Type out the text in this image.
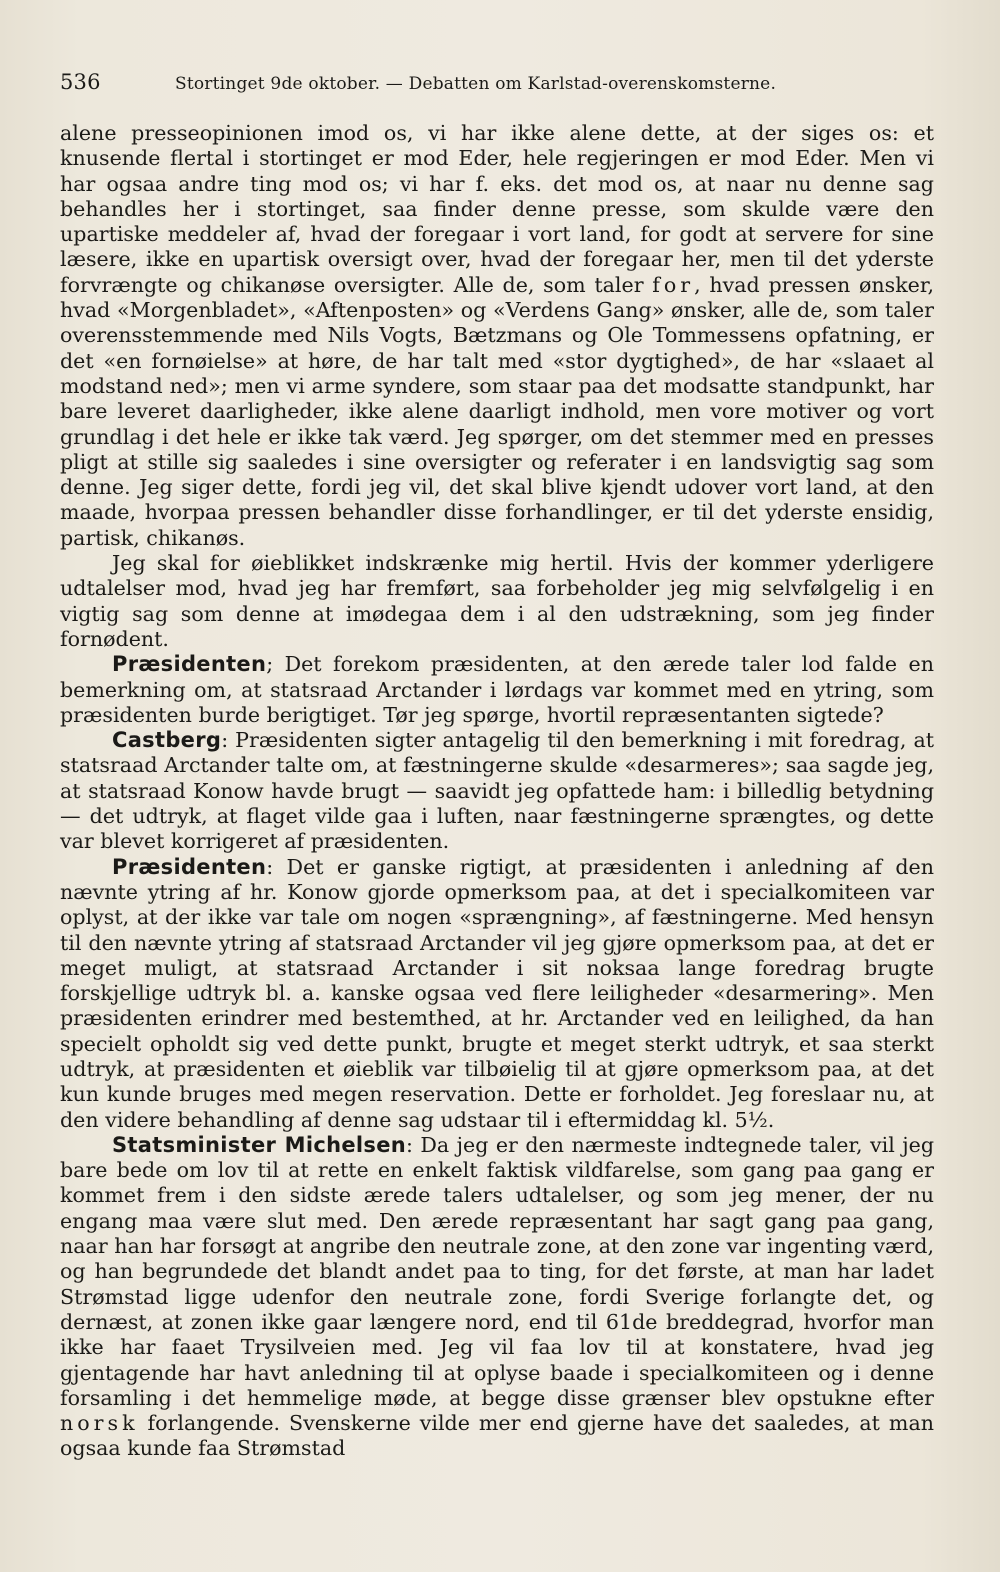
536	Stortinget 9de oktober. — Debatten om Karlstad-overenskomsterne.

alene presseopinionen imod os, vi har ikke alene dette, at der siges os: et knusende flertal i stortinget er mod Eder, hele regjeringen er mod Eder. Men vi har ogsaa andre ting mod os; vi har f. eks. det mod os, at naar nu denne sag behandles her i stortinget, saa finder denne presse, som skulde være den upartiske meddeler af, hvad der foregaar i vort land, for godt at servere for sine læsere, ikke en upartisk oversigt over, hvad der foregaar her, men til det yderste forvrængte og chikanøse oversigter. Alle de, som taler for, hvad pressen ønsker, hvad «Morgenbladet», «Aftenposten» og «Verdens Gang» ønsker, alle de, som taler overensstemmende med Nils Vogts, Bætzmans og Ole Tommessens opfatning, er det «en fornøielse» at høre, de har talt med «stor dygtighed», de har «slaaet al modstand ned»; men vi arme syndere, som staar paa det modsatte standpunkt, har bare leveret daarligheder, ikke alene daarligt indhold, men vore motiver og vort grundlag i det hele er ikke tak værd. Jeg spørger, om det stemmer med en presses pligt at stille sig saaledes i sine oversigter og referater i en landsvigtig sag som denne. Jeg siger dette, fordi jeg vil, det skal blive kjendt udover vort land, at den maade, hvorpaa pressen behandler disse forhandlinger, er til det yderste ensidig, partisk, chikanøs.

Jeg skal for øieblikket indskrænke mig hertil. Hvis der kommer yderligere udtalelser mod, hvad jeg har fremført, saa forbeholder jeg mig selvfølgelig i en vigtig sag som denne at imødegaa dem i al den udstrækning, som jeg finder fornødent.

Præsidenten; Det forekom præsidenten, at den ærede taler lod falde en bemerkning om, at statsraad Arctander i lørdags var kommet med en ytring, som præsidenten burde berigtiget. Tør jeg spørge, hvortil repræsentanten sigtede?

Castberg: Præsidenten sigter antagelig til den bemerkning i mit foredrag, at statsraad Arctander talte om, at fæstningerne skulde «desarmeres»; saa sagde jeg, at statsraad Konow havde brugt — saavidt jeg opfattede ham: i billedlig betydning — det udtryk, at flaget vilde gaa i luften, naar fæstningerne sprængtes, og dette var blevet korrigeret af præsidenten.

Præsidenten: Det er ganske rigtigt, at præsidenten i anledning af den nævnte ytring af hr. Konow gjorde opmerksom paa, at det i specialkomiteen var oplyst, at der ikke var tale om nogen «sprængning», af fæstningerne. Med hensyn til den nævnte ytring af statsraad Arctander vil jeg gjøre opmerksom paa, at det er meget muligt, at statsraad Arctander i sit noksaa lange foredrag brugte forskjellige udtryk bl. a. kanske ogsaa ved flere leiligheder «desarmering». Men præsidenten erindrer med bestemthed, at hr. Arctander ved en leilighed, da han specielt opholdt sig ved dette punkt, brugte et meget sterkt udtryk, et saa sterkt udtryk, at præsidenten et øieblik var tilbøielig til at gjøre opmerksom paa, at det kun kunde bruges med megen reservation. Dette er forholdet. Jeg foreslaar nu, at den videre behandling af denne sag udstaar til i eftermiddag kl. 5½.

Statsminister Michelsen: Da jeg er den nærmeste indtegnede taler, vil jeg bare bede om lov til at rette en enkelt faktisk vildfarelse, som gang paa gang er kommet frem i den sidste ærede talers udtalelser, og som jeg mener, der nu engang maa være slut med. Den ærede repræsentant har sagt gang paa gang, naar han har forsøgt at angribe den neutrale zone, at den zone var ingenting værd, og han begrundede det blandt andet paa to ting, for det første, at man har ladet Strømstad ligge udenfor den neutrale zone, fordi Sverige forlangte det, og dernæst, at zonen ikke gaar længere nord, end til 61de breddegrad, hvorfor man ikke har faaet Trysilveien med. Jeg vil faa lov til at konstatere, hvad jeg gjentagende har havt anledning til at oplyse baade i specialkomiteen og i denne forsamling i det hemmelige møde, at begge disse grænser blev opstukne efter norsk forlangende. Svenskerne vilde mer end gjerne have det saaledes, at man ogsaa kunde faa Strømstad
